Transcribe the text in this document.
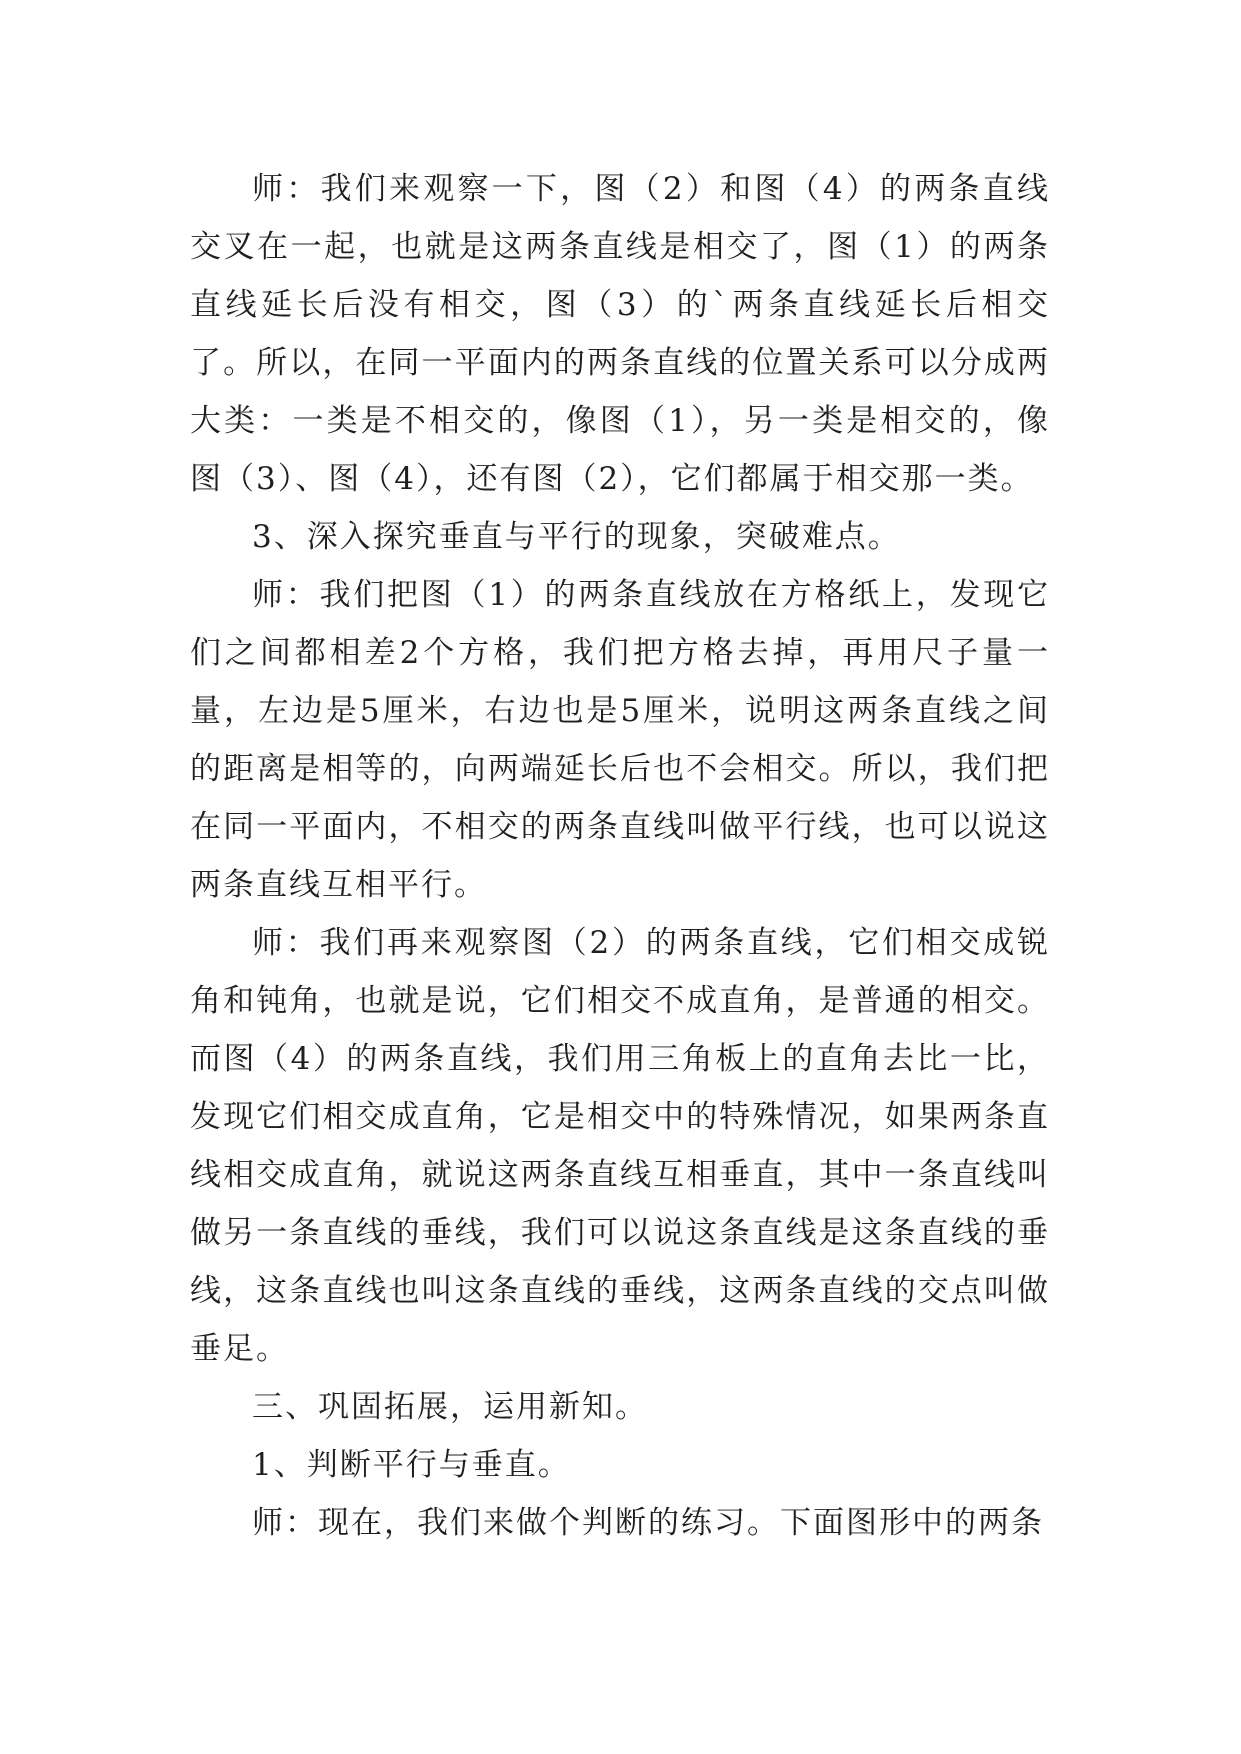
师：我们来观察一下，图（2）和图（4）的两条直线交叉在一起，也就是这两条直线是相交了，图（1）的两条直线延长后没有相交，图（3）的`两条直线延长后相交了。所以，在同一平面内的两条直线的位置关系可以分成两大类：一类是不相交的，像图（1），另一类是相交的，像图（3）、图（4），还有图（2），它们都属于相交那一类。

3、深入探究垂直与平行的现象，突破难点。

师：我们把图（1）的两条直线放在方格纸上，发现它们之间都相差2个方格，我们把方格去掉，再用尺子量一量，左边是5厘米，右边也是5厘米，说明这两条直线之间的距离是相等的，向两端延长后也不会相交。所以，我们把在同一平面内，不相交的两条直线叫做平行线，也可以说这两条直线互相平行。

师：我们再来观察图（2）的两条直线，它们相交成锐角和钝角，也就是说，它们相交不成直角，是普通的相交。而图（4）的两条直线，我们用三角板上的直角去比一比，发现它们相交成直角，它是相交中的特殊情况，如果两条直线相交成直角，就说这两条直线互相垂直，其中一条直线叫做另一条直线的垂线，我们可以说这条直线是这条直线的垂线，这条直线也叫这条直线的垂线，这两条直线的交点叫做垂足。

三、巩固拓展，运用新知。

1、判断平行与垂直。

师：现在，我们来做个判断的练习。下面图形中的两条
